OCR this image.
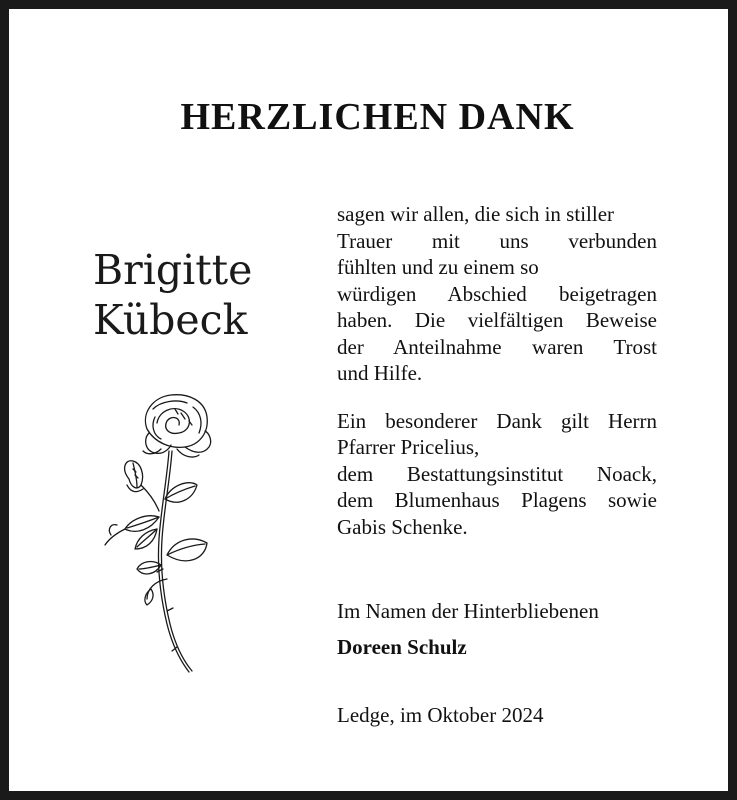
HERZLICHEN DANK
Brigitte
Kübeck

sagen wir allen, die sich in stiller
Trauer mit uns verbunden
fühlten und zu einem so
würdigen Abschied beigetragen
haben. Die vielfältigen Beweise
der Anteilnahme waren Trost
und Hilfe.

Ein besonderer Dank gilt Herrn
Pfarrer Pricelius,
dem Bestattungsinstitut Noack,
dem Blumenhaus Plagens sowie
Gabis Schenke.

Im Namen der Hinterbliebenen
Doreen Schulz
Ledge, im Oktober 2024
